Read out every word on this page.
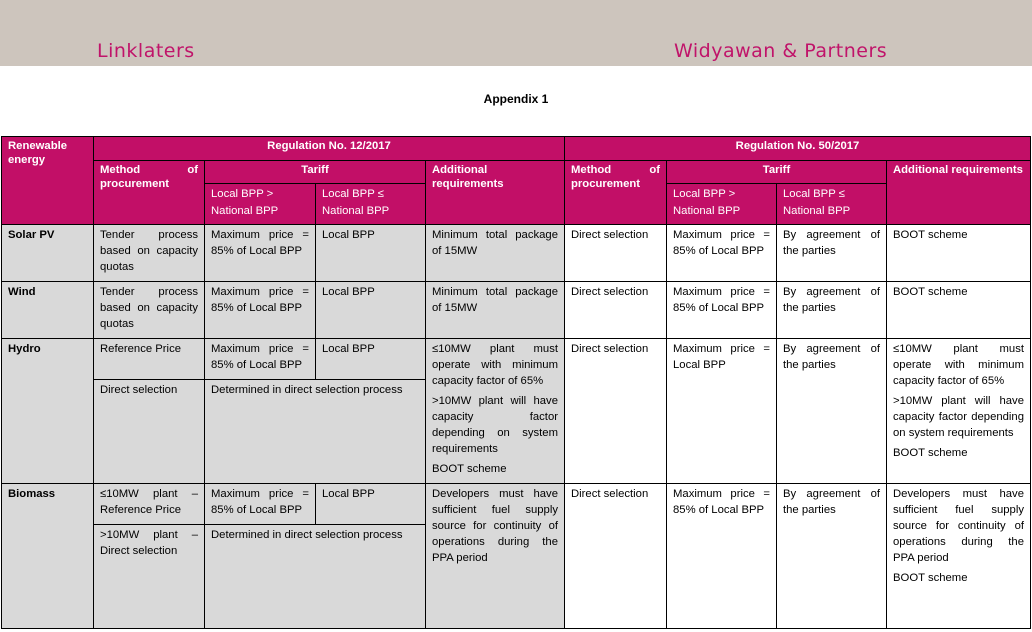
Linklaters	Widyawan & Partners
Appendix 1
Renewable energy	Regulation No. 12/2017				Regulation No. 50/2017			
	Method of procurement	Tariff		Additional requirements	Method of procurement	Tariff		Additional requirements
		Local BPP > National BPP	Local BPP ≤ National BPP			Local BPP > National BPP	Local BPP ≤ National BPP	
Solar PV	Tender process based on capacity quotas	Maximum price = 85% of Local BPP	Local BPP	Minimum total package of 15MW	Direct selection	Maximum price = 85% of Local BPP	By agreement of the parties	BOOT scheme
Wind	Tender process based on capacity quotas	Maximum price = 85% of Local BPP	Local BPP	Minimum total package of 15MW	Direct selection	Maximum price = 85% of Local BPP	By agreement of the parties	BOOT scheme
Hydro	Reference Price	Maximum price = 85% of Local BPP	Local BPP	≤10MW plant must operate with minimum capacity factor of 65%
>10MW plant will have capacity factor depending on system requirements
BOOT scheme	Direct selection	Maximum price = Local BPP	By agreement of the parties	≤10MW plant must operate with minimum capacity factor of 65%
>10MW plant will have capacity factor depending on system requirements
BOOT scheme

	Direct selection	Determined in direct selection process						
Biomass	≤10MW plant – Reference Price	Maximum price = 85% of Local BPP	Local BPP	Developers must have sufficient fuel supply source for continuity of operations during the PPA period	Direct selection	Maximum price = 85% of Local BPP	By agreement of the parties	Developers must have sufficient fuel supply source for continuity of operations during the PPA period
BOOT scheme

	>10MW plant – Direct selection	Determined in direct selection process						
